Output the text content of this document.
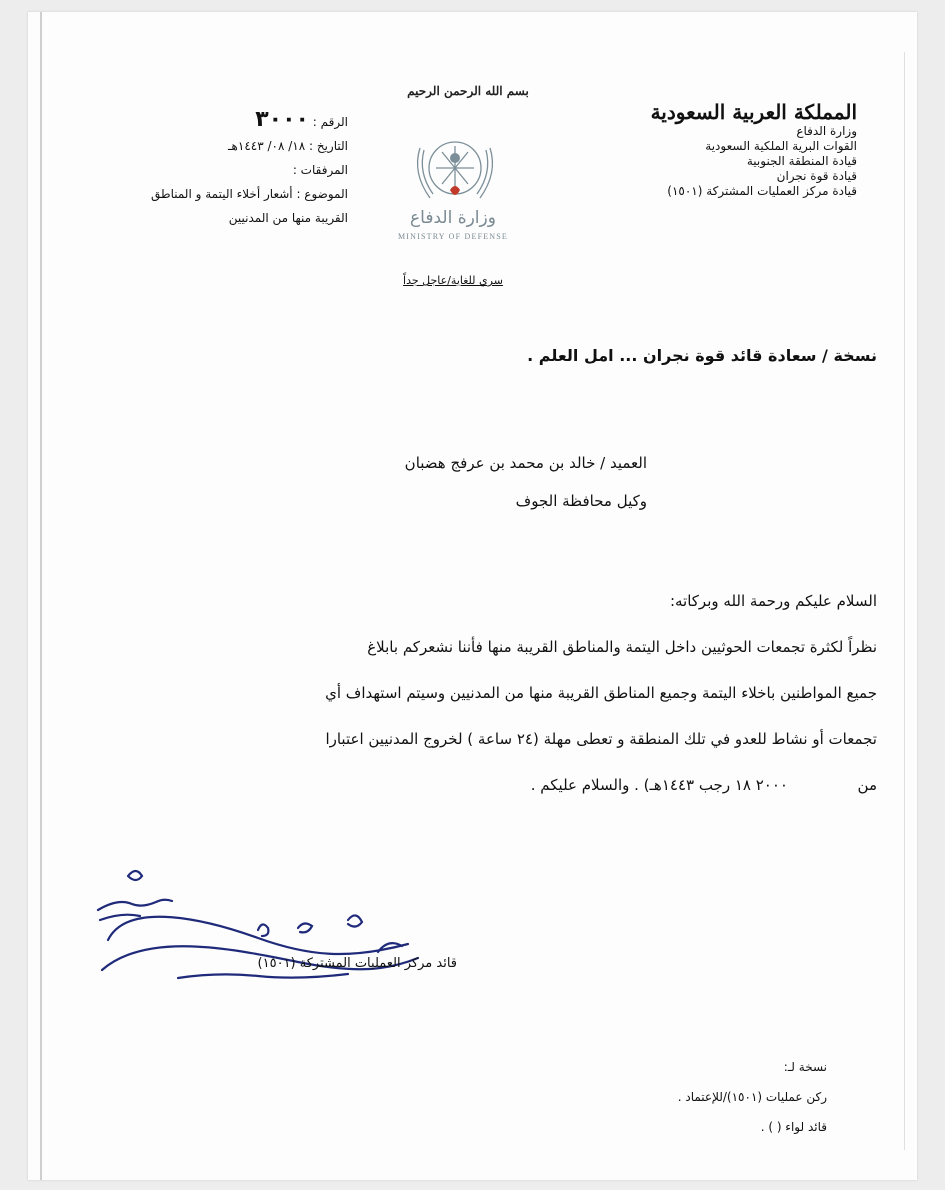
المملكة العربية السعودية
وزارة الدفاع
القوات البرية الملكية السعودية
قيادة المنطقة الجنوبية
قيادة قوة نجران
قيادة مركز العمليات المشتركة (١٥٠١)
بسم الله الرحمن الرحيم
وزارة الدفاع
MINISTRY OF DEFENSE
سري للغاية/عاجل جداً
الرقم : ٣٠٠٠
التاريخ : ١٨/ ٠٨/ ١٤٤٣هـ
المرفقات :
الموضوع : أشعار أخلاء اليتمة و المناطق
القريبة منها من المدنيين
نسخة / سعادة قائد قوة نجران ... امل العلم .
العميد / خالد بن محمد بن عرفج هضبان
وكيل محافظة الجوف
السلام عليكم ورحمة الله وبركاته:
نظراً لكثرة تجمعات الحوثيين داخل اليتمة والمناطق القريبة منها فأننا نشعركم بابلاغ
جميع المواطنين باخلاء اليتمة وجميع المناطق القريبة منها من المدنيين وسيتم استهداف أي
تجمعات أو نشاط للعدو في تلك المنطقة و تعطى مهلة (٢٤ ساعة ) لخروج المدنيين اعتبارا
من  ٢٠٠٠ ١٨ رجب ١٤٤٣هـ) . والسلام عليكم .
قائد مركز العمليات المشتركة (١٥٠١)
نسخة لـ:
ركن عمليات (١٥٠١)/للإعتماد .
قائد لواء ( ) .
